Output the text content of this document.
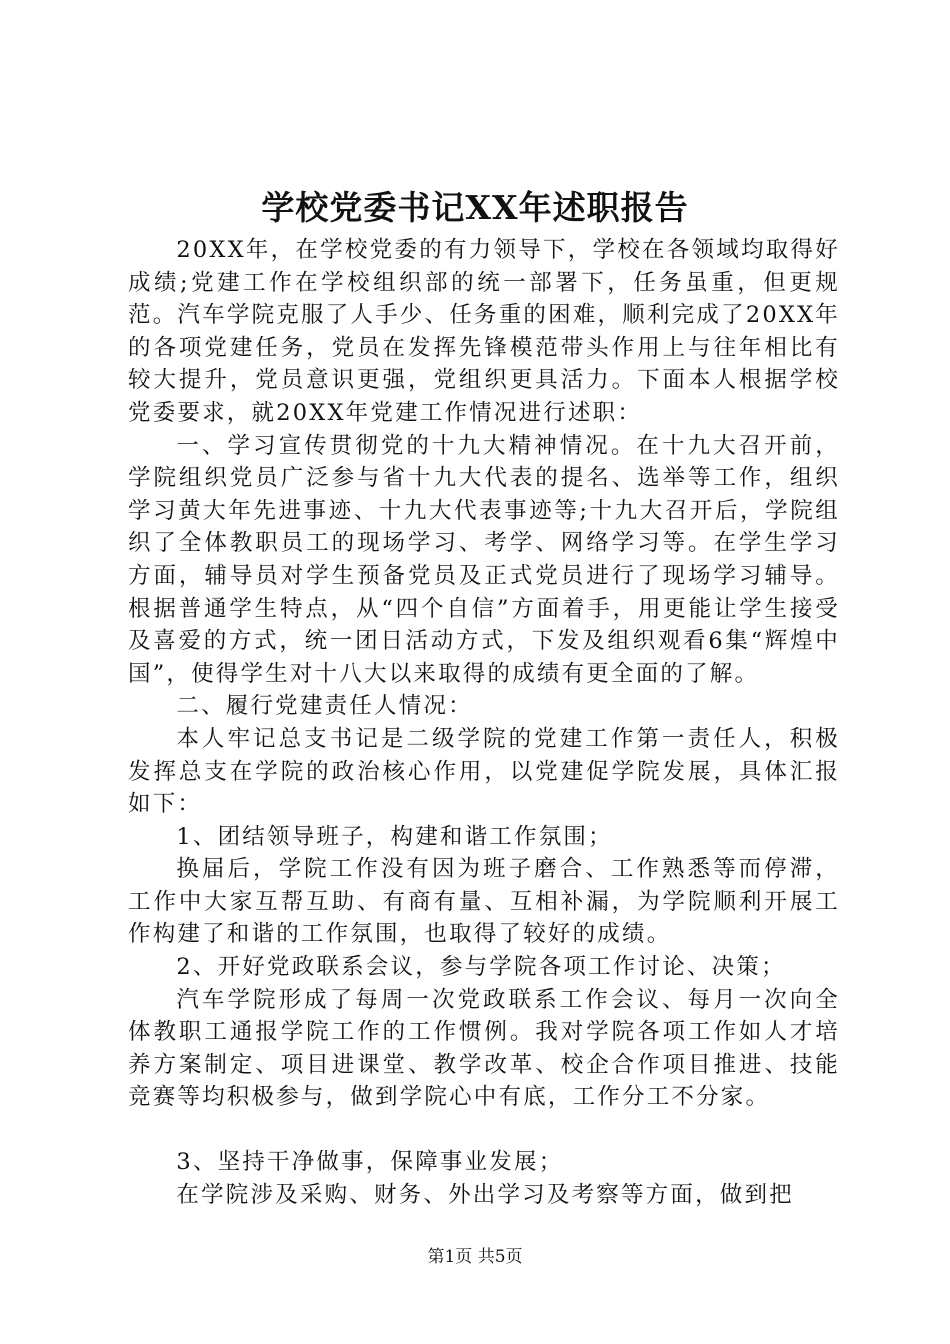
学校党委书记XX年述职报告

20XX年，在学校党委的有力领导下，学校在各领域均取得好成绩;党建工作在学校组织部的统一部署下，任务虽重，但更规范。汽车学院克服了人手少、任务重的困难，顺利完成了20XX年的各项党建任务，党员在发挥先锋模范带头作用上与往年相比有较大提升，党员意识更强，党组织更具活力。下面本人根据学校党委要求，就20XX年党建工作情况进行述职：

一、学习宣传贯彻党的十九大精神情况。在十九大召开前，学院组织党员广泛参与省十九大代表的提名、选举等工作，组织学习黄大年先进事迹、十九大代表事迹等;十九大召开后，学院组织了全体教职员工的现场学习、考学、网络学习等。在学生学习方面，辅导员对学生预备党员及正式党员进行了现场学习辅导。根据普通学生特点，从“四个自信”方面着手，用更能让学生接受及喜爱的方式，统一团日活动方式，下发及组织观看6集“辉煌中国”，使得学生对十八大以来取得的成绩有更全面的了解。

二、履行党建责任人情况：

本人牢记总支书记是二级学院的党建工作第一责任人，积极发挥总支在学院的政治核心作用，以党建促学院发展，具体汇报如下：

1、团结领导班子，构建和谐工作氛围；

换届后，学院工作没有因为班子磨合、工作熟悉等而停滞，工作中大家互帮互助、有商有量、互相补漏，为学院顺利开展工作构建了和谐的工作氛围，也取得了较好的成绩。

2、开好党政联系会议，参与学院各项工作讨论、决策；

汽车学院形成了每周一次党政联系工作会议、每月一次向全体教职工通报学院工作的工作惯例。我对学院各项工作如人才培养方案制定、项目进课堂、教学改革、校企合作项目推进、技能竞赛等均积极参与，做到学院心中有底，工作分工不分家。

3、坚持干净做事，保障事业发展；

在学院涉及采购、财务、外出学习及考察等方面，做到把

第1页 共5页
